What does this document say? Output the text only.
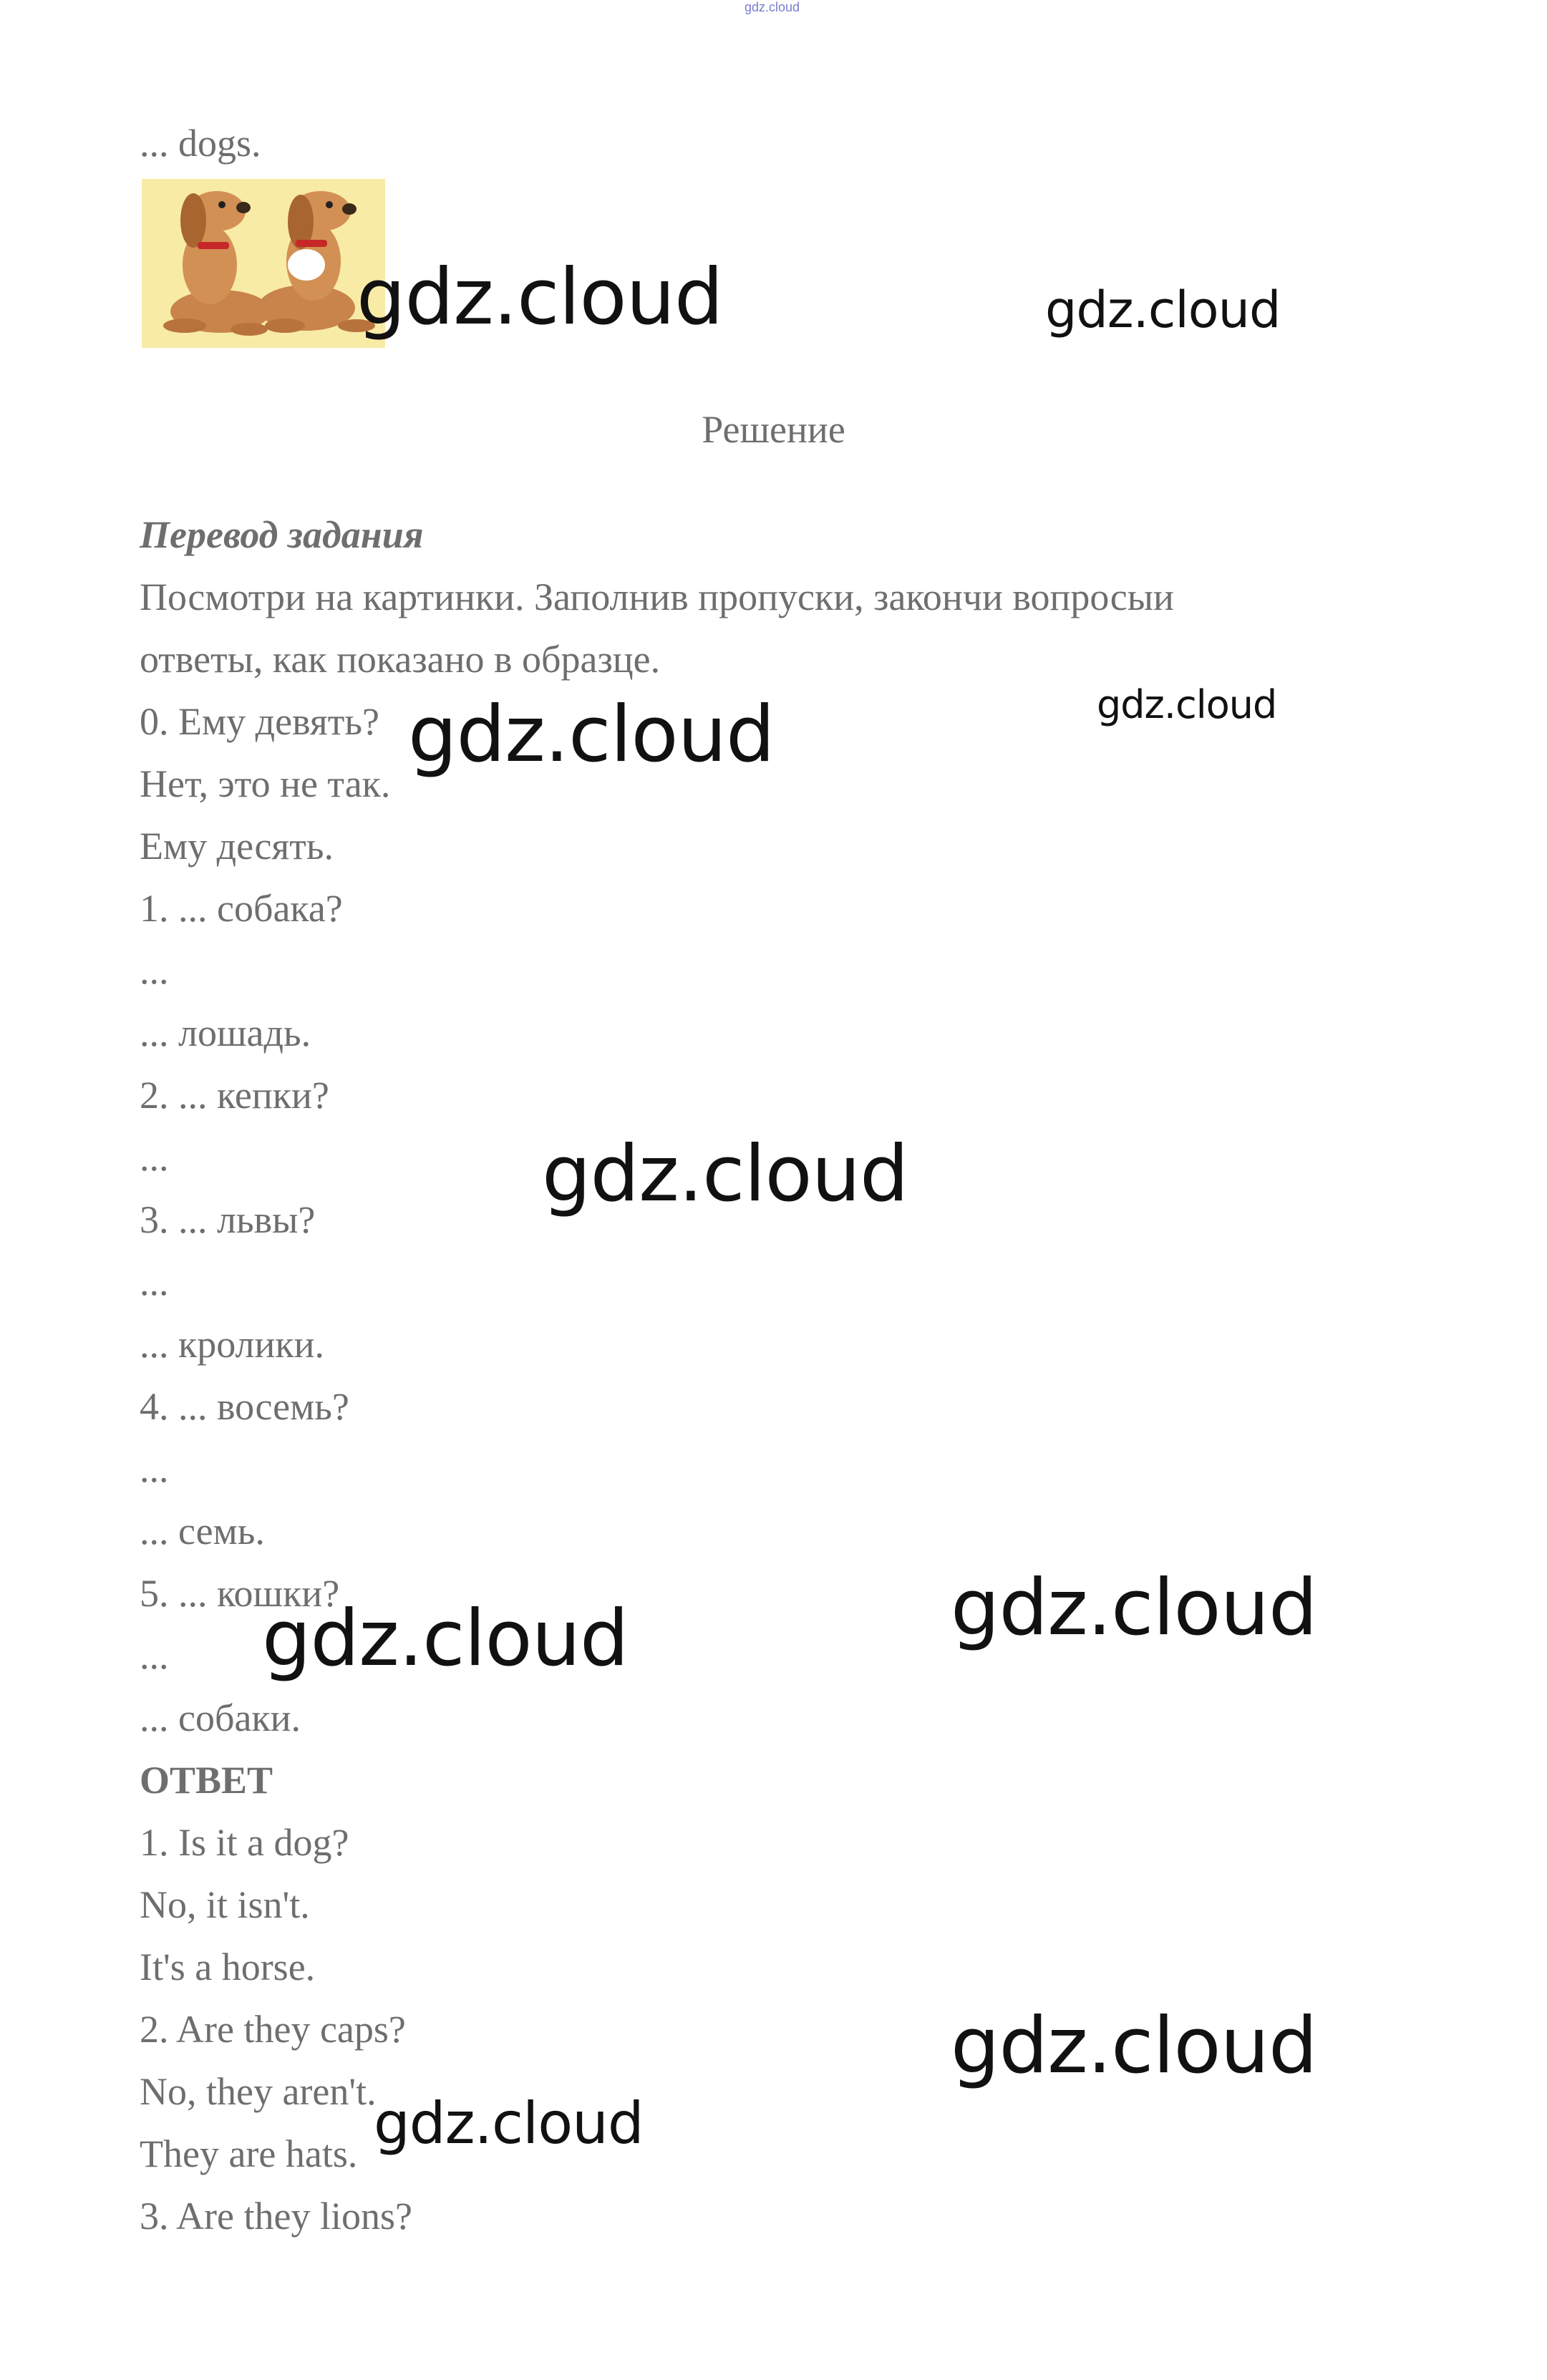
gdz.cloud
... dogs.
Решение
Перевод задания
Посмотри на картинки. Заполнив пропуски, закончи вопросыи
ответы, как показано в образце.
0. Ему девять?
Нет, это не так.
Ему десять.
1. ... собака?
...
... лошадь.
2. ... кепки?
...
3. ... львы?
...
... кролики.
4. ... восемь?
...
... семь.
5. ... кошки?
...
... собаки.
ОТВЕТ
1. Is it a dog?
No, it isn't.
It's a horse.
2. Are they caps?
No, they aren't.
They are hats.
3. Are they lions?
gdz.cloud	gdz.cloud
gdz.cloud	gdz.cloud
gdz.cloud
gdz.cloud
gdz.cloud
gdz.cloud
gdz.cloud
